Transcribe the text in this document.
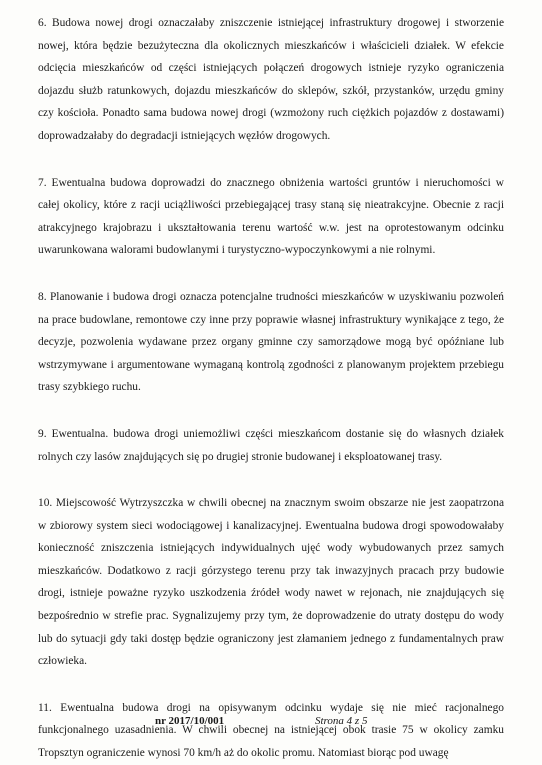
6. Budowa nowej drogi oznaczałaby zniszczenie istniejącej infrastruktury drogowej i stworzenie nowej, która będzie bezużyteczna dla okolicznych mieszkańców i właścicieli działek. W efekcie odcięcia mieszkańców od części istniejących połączeń drogowych istnieje ryzyko ograniczenia dojazdu służb ratunkowych, dojazdu mieszkańców do sklepów, szkół, przystanków, urzędu gminy czy kościoła. Ponadto sama budowa nowej drogi (wzmożony ruch ciężkich pojazdów z dostawami) doprowadzałaby do degradacji istniejących węzłów drogowych.

7. Ewentualna budowa doprowadzi do znacznego obniżenia wartości gruntów i nieruchomości w całej okolicy, które z racji uciążliwości przebiegającej trasy staną się nieatrakcyjne. Obecnie z racji atrakcyjnego krajobrazu i ukształtowania terenu wartość w.w. jest na oprotestowanym odcinku uwarunkowana walorami budowlanymi i turystyczno-wypoczynkowymi a nie rolnymi.

8. Planowanie i budowa drogi oznacza potencjalne trudności mieszkańców w uzyskiwaniu pozwoleń na prace budowlane, remontowe czy inne przy poprawie własnej infrastruktury wynikające z tego, że decyzje, pozwolenia wydawane przez organy gminne czy samorządowe mogą być opóźniane lub wstrzymywane i argumentowane wymaganą kontrolą zgodności z planowanym projektem przebiegu trasy szybkiego ruchu.

9. Ewentualna. budowa drogi uniemożliwi części mieszkańcom dostanie się do własnych działek rolnych czy lasów znajdujących się po drugiej stronie budowanej i eksploatowanej trasy.

10. Miejscowość Wytrzyszczka w chwili obecnej na znacznym swoim obszarze nie jest zaopatrzona w zbiorowy system sieci wodociągowej i kanalizacyjnej. Ewentualna budowa drogi spowodowałaby konieczność zniszczenia istniejących indywidualnych ujęć wody wybudowanych przez samych mieszkańców. Dodatkowo z racji górzystego terenu przy tak inwazyjnych pracach przy budowie drogi, istnieje poważne ryzyko uszkodzenia źródeł wody nawet w rejonach, nie znajdujących się bezpośrednio w strefie prac. Sygnalizujemy przy tym, że doprowadzenie do utraty dostępu do wody lub do sytuacji gdy taki dostęp będzie ograniczony jest złamaniem jednego z fundamentalnych praw człowieka.

11. Ewentualna budowa drogi na opisywanym odcinku wydaje się nie mieć racjonalnego funkcjonalnego uzasadnienia. W chwili obecnej na istniejącej obok trasie 75 w okolicy zamku Tropsztyn ograniczenie wynosi 70 km/h aż do okolic promu. Natomiast biorąc pod uwagę

nr 2017/10/001	Strona 4 z 5
